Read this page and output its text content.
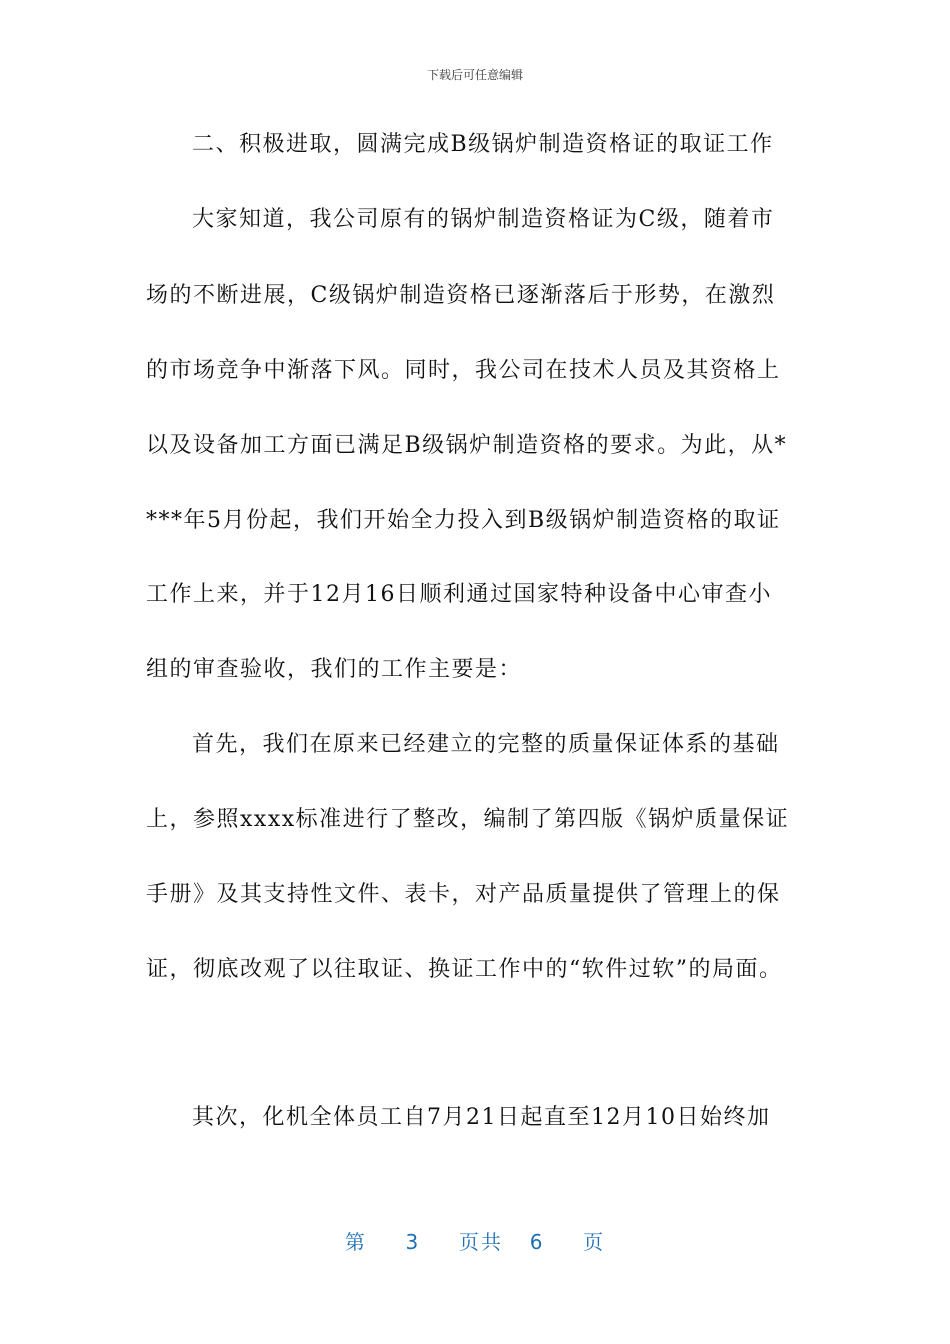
下载后可任意编辑
二、积极进取，圆满完成B级锅炉制造资格证的取证工作
大家知道，我公司原有的锅炉制造资格证为C级，随着市
场的不断进展，C级锅炉制造资格已逐渐落后于形势，在激烈
的市场竞争中渐落下风。同时，我公司在技术人员及其资格上
以及设备加工方面已满足B级锅炉制造资格的要求。为此，从*
***年5月份起，我们开始全力投入到B级锅炉制造资格的取证
工作上来，并于12月16日顺利通过国家特种设备中心审查小
组的审查验收，我们的工作主要是：
首先，我们在原来已经建立的完整的质量保证体系的基础
上，参照xxxx标准进行了整改，编制了第四版《锅炉质量保证
手册》及其支持性文件、表卡，对产品质量提供了管理上的保
证，彻底改观了以往取证、换证工作中的“软件过软”的局面。
其次，化机全体员工自7月21日起直至12月10日始终加
第 3 页共 6 页
